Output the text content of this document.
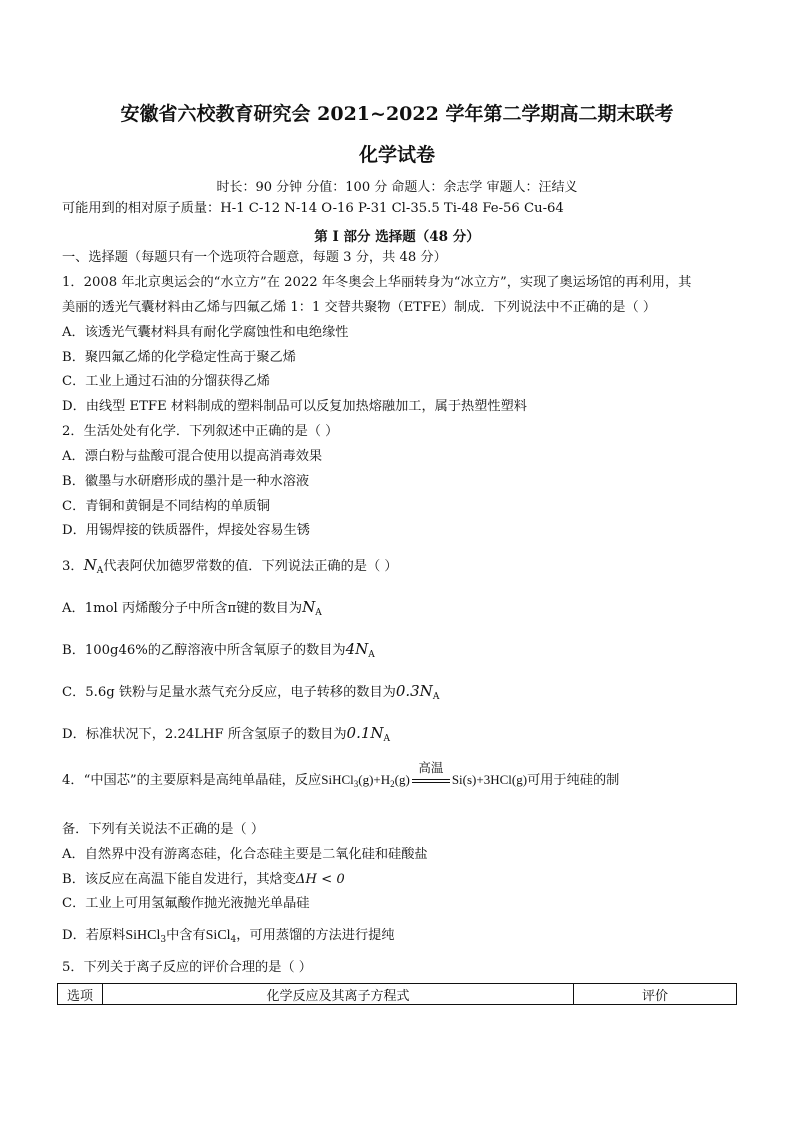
安徽省六校教育研究会 2021~2022 学年第二学期高二期末联考
化学试卷
时长：90 分钟 分值：100 分 命题人：余志学 审题人：汪结义
可能用到的相对原子质量：H-1 C-12 N-14 O-16 P-31 Cl-35.5 Ti-48 Fe-56 Cu-64
第 I 部分 选择题（48 分）
一、选择题（每题只有一个选项符合题意，每题 3 分，共 48 分）
1．2008 年北京奥运会的“水立方”在 2022 年冬奥会上华丽转身为“冰立方”，实现了奥运场馆的再利用，其
美丽的透光气囊材料由乙烯与四氟乙烯 1：1 交替共聚物（ETFE）制成．下列说法中不正确的是（ ）
A．该透光气囊材料具有耐化学腐蚀性和电绝缘性
B．聚四氟乙烯的化学稳定性高于聚乙烯
C．工业上通过石油的分馏获得乙烯
D．由线型 ETFE 材料制成的塑料制品可以反复加热熔融加工，属于热塑性塑料
2．生活处处有化学．下列叙述中正确的是（ ）
A．漂白粉与盐酸可混合使用以提高消毒效果
B．徽墨与水研磨形成的墨汁是一种水溶液
C．青铜和黄铜是不同结构的单质铜
D．用锡焊接的铁质器件，焊接处容易生锈
3．$N_A$代表阿伏加德罗常数的值．下列说法正确的是（ ）
A．1mol 丙烯酸分子中所含π键的数目为$N_A$
B．100g46%的乙醇溶液中所含氧原子的数目为$4N_A$
C．5.6g 铁粉与足量水蒸气充分反应，电子转移的数目为$0.3N_A$
D．标准状况下，2.24LHF 所含氢原子的数目为$0.1N_A$
4．“中国芯”的主要原料是高纯单晶硅，反应$SiHCl_3(g)+H_2(g)$
高温
Si(s)+3HCl(g)可用于纯硅的制
备．下列有关说法不正确的是（ ）
A．自然界中没有游离态硅，化合态硅主要是二氧化硅和硅酸盐
B．该反应在高温下能自发进行，其焓变ΔH < 0
C．工业上可用氢氟酸作抛光液抛光单晶硅
D．若原料SiHCl$_3$中含有SiCl$_4$，可用蒸馏的方法进行提纯
5．下列关于离子反应的评价合理的是（ ）
选项	化学反应及其离子方程式	评价
